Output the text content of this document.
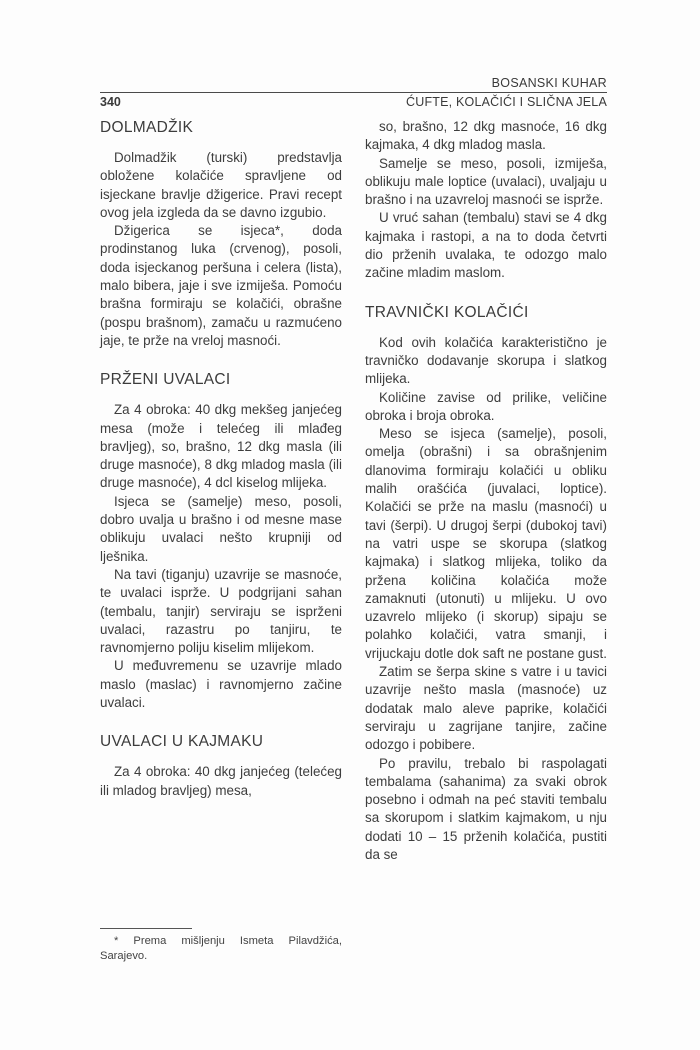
BOSANSKI KUHAR
340	ĆUFTE, KOLAČIĆI I SLIČNA JELA
DOLMADŽIK

Dolmadžik (turski) predstavlja obložene kolačiće spravljene od isjeckane bravlje džigerice. Pravi recept ovog jela izgleda da se davno izgubio.

Džigerica se isjeca*, doda prodinstanog luka (crvenog), posoli, doda isjeckanog peršuna i celera (lista), malo bibera, jaje i sve izmiješa. Pomoću brašna formiraju se kolačići, obrašne (pospu brašnom), zamaču u razmućeno jaje, te prže na vreloj masnoći.

PRŽENI UVALACI

Za 4 obroka: 40 dkg mekšeg janjećeg mesa (može i telećeg ili mlađeg bravljeg), so, brašno, 12 dkg masla (ili druge masnoće), 8 dkg mladog masla (ili druge masnoće), 4 dcl kiselog mlijeka.

Isjeca se (samelje) meso, posoli, dobro uvalja u brašno i od mesne mase oblikuju uvalaci nešto krupniji od lješnika.

Na tavi (tiganju) uzavrije se masnoće, te uvalaci isprže. U podgrijani sahan (tembalu, tanjir) serviraju se isprženi uvalaci, razastru po tanjiru, te ravnomjerno poliju kiselim mlijekom.

U međuvremenu se uzavrije mlado maslo (maslac) i ravnomjerno začine uvalaci.

UVALACI U KAJMAKU

Za 4 obroka: 40 dkg janjećeg (telećeg ili mladog bravljeg) mesa,

so, brašno, 12 dkg masnoće, 16 dkg kajmaka, 4 dkg mladog masla.

Samelje se meso, posoli, izmiješa, oblikuju male loptice (uvalaci), uvaljaju u brašno i na uzavreloj masnoći se isprže.

U vruć sahan (tembalu) stavi se 4 dkg kajmaka i rastopi, a na to doda četvrti dio prženih uvalaka, te odozgo malo začine mladim maslom.

TRAVNIČKI KOLAČIĆI

Kod ovih kolačića karakteristično je travničko dodavanje skorupa i slatkog mlijeka.

Količine zavise od prilike, veličine obroka i broja obroka.

Meso se isjeca (samelje), posoli, omelja (obrašni) i sa obrašnjenim dlanovima formiraju kolačići u obliku malih orašćića (juvalaci, loptice). Kolačići se prže na maslu (masnoći) u tavi (šerpi). U drugoj šerpi (dubokoj tavi) na vatri uspe se skorupa (slatkog kajmaka) i slatkog mlijeka, toliko da pržena količina kolačića može zamaknuti (utonuti) u mlijeku. U ovo uzavrelo mlijeko (i skorup) sipaju se polahko kolačići, vatra smanji, i vrijuckaju dotle dok saft ne postane gust.

Zatim se šerpa skine s vatre i u tavici uzavrije nešto masla (masnoće) uz dodatak malo aleve paprike, kolačići serviraju u zagrijane tanjire, začine odozgo i pobibere.

Po pravilu, trebalo bi raspolagati tembalama (sahanima) za svaki obrok posebno i odmah na peć staviti tembalu sa skorupom i slatkim kajmakom, u nju dodati 10 – 15 prženih kolačića, pustiti da se

* Prema mišljenju Ismeta Pilavdžića, Sarajevo.
